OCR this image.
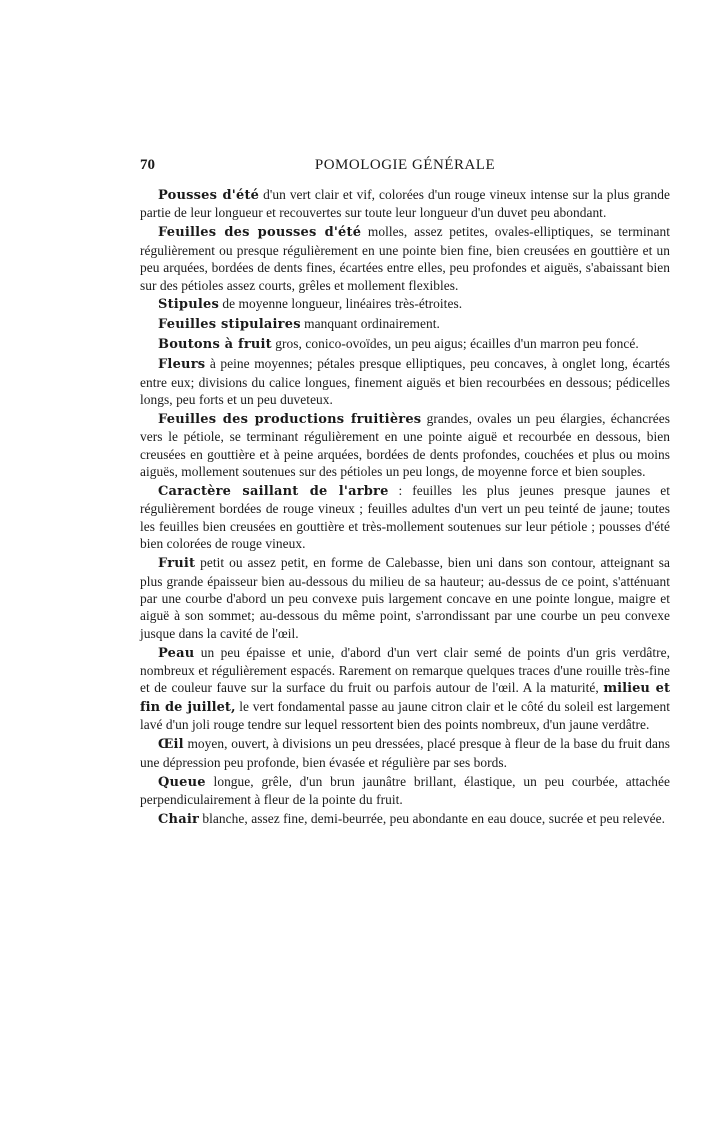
70	POMOLOGIE GÉNÉRALE

Pousses d'été d'un vert clair et vif, colorées d'un rouge vineux intense sur la plus grande partie de leur longueur et recouvertes sur toute leur longueur d'un duvet peu abondant.

Feuilles des pousses d'été molles, assez petites, ovales-elliptiques, se terminant régulièrement ou presque régulièrement en une pointe bien fine, bien creusées en gouttière et un peu arquées, bordées de dents fines, écartées entre elles, peu profondes et aiguës, s'abaissant bien sur des pétioles assez courts, grêles et mollement flexibles.

Stipules de moyenne longueur, linéaires très-étroites.

Feuilles stipulaires manquant ordinairement.

Boutons à fruit gros, conico-ovoïdes, un peu aigus; écailles d'un marron peu foncé.

Fleurs à peine moyennes; pétales presque elliptiques, peu concaves, à onglet long, écartés entre eux; divisions du calice longues, finement aiguës et bien recourbées en dessous; pédicelles longs, peu forts et un peu duveteux.

Feuilles des productions fruitières grandes, ovales un peu élargies, échancrées vers le pétiole, se terminant régulièrement en une pointe aiguë et recourbée en dessous, bien creusées en gouttière et à peine arquées, bordées de dents profondes, couchées et plus ou moins aiguës, mollement soutenues sur des pétioles un peu longs, de moyenne force et bien souples.

Caractère saillant de l'arbre : feuilles les plus jeunes presque jaunes et régulièrement bordées de rouge vineux ; feuilles adultes d'un vert un peu teinté de jaune; toutes les feuilles bien creusées en gouttière et très-mollement soutenues sur leur pétiole ; pousses d'été bien colorées de rouge vineux.

Fruit petit ou assez petit, en forme de Calebasse, bien uni dans son contour, atteignant sa plus grande épaisseur bien au-dessous du milieu de sa hauteur; au-dessus de ce point, s'atténuant par une courbe d'abord un peu convexe puis largement concave en une pointe longue, maigre et aiguë à son sommet; au-dessous du même point, s'arrondissant par une courbe un peu convexe jusque dans la cavité de l'œil.

Peau un peu épaisse et unie, d'abord d'un vert clair semé de points d'un gris verdâtre, nombreux et régulièrement espacés. Rarement on remarque quelques traces d'une rouille très-fine et de couleur fauve sur la surface du fruit ou parfois autour de l'œil. A la maturité, milieu et fin de juillet, le vert fondamental passe au jaune citron clair et le côté du soleil est largement lavé d'un joli rouge tendre sur lequel ressortent bien des points nombreux, d'un jaune verdâtre.

Œil moyen, ouvert, à divisions un peu dressées, placé presque à fleur de la base du fruit dans une dépression peu profonde, bien évasée et régulière par ses bords.

Queue longue, grêle, d'un brun jaunâtre brillant, élastique, un peu courbée, attachée perpendiculairement à fleur de la pointe du fruit.

Chair blanche, assez fine, demi-beurrée, peu abondante en eau douce, sucrée et peu relevée.
